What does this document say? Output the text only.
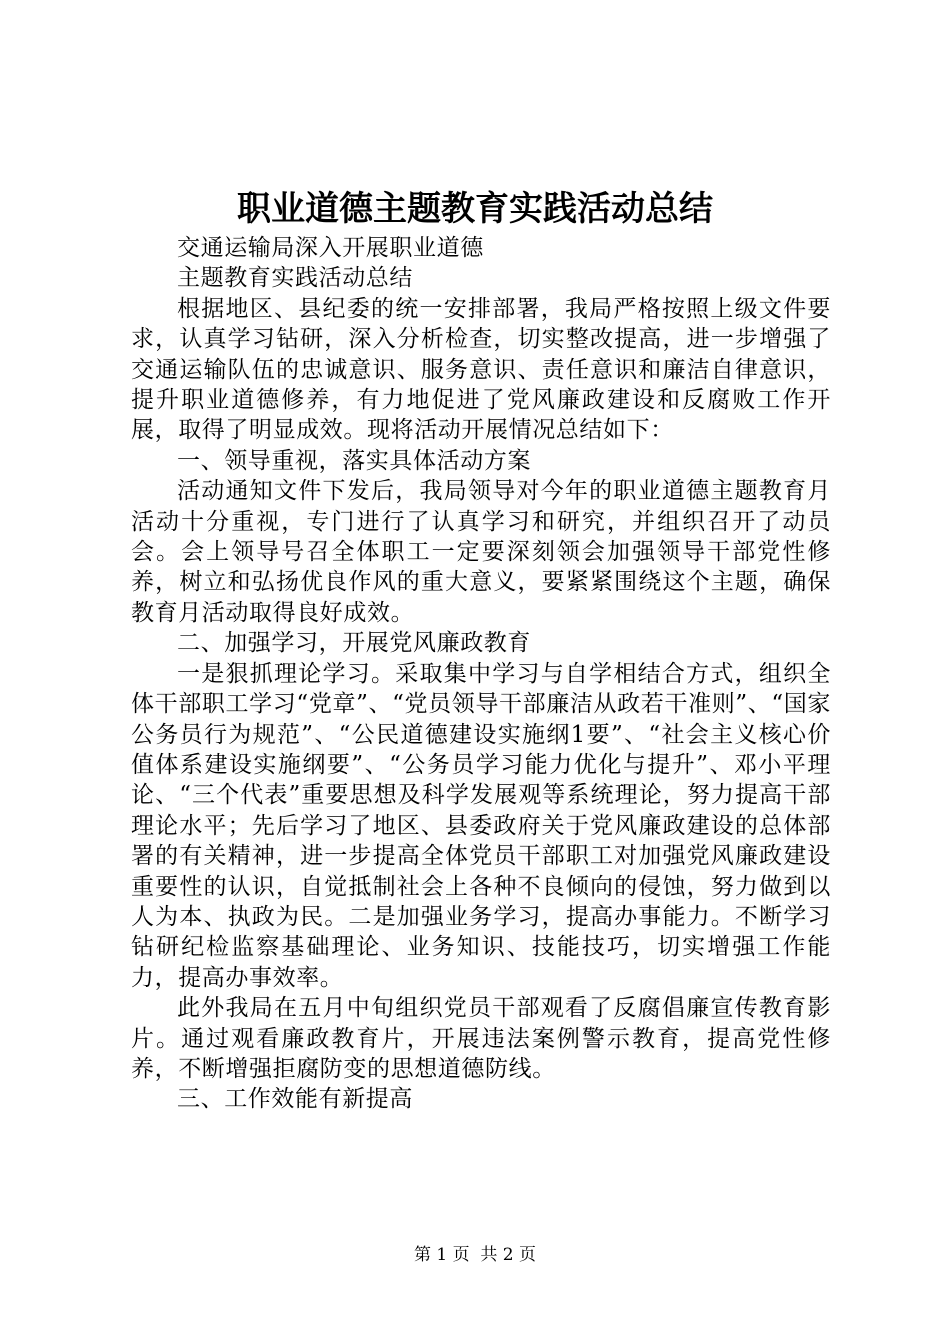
职业道德主题教育实践活动总结

交通运输局深入开展职业道德

主题教育实践活动总结

根据地区、县纪委的统一安排部署，我局严格按照上级文件要求，认真学习钻研，深入分析检查，切实整改提高，进一步增强了交通运输队伍的忠诚意识、服务意识、责任意识和廉洁自律意识，提升职业道德修养，有力地促进了党风廉政建设和反腐败工作开展，取得了明显成效。现将活动开展情况总结如下：

一、领导重视，落实具体活动方案

活动通知文件下发后，我局领导对今年的职业道德主题教育月活动十分重视，专门进行了认真学习和研究，并组织召开了动员会。会上领导号召全体职工一定要深刻领会加强领导干部党性修养，树立和弘扬优良作风的重大意义，要紧紧围绕这个主题，确保教育月活动取得良好成效。

二、加强学习，开展党风廉政教育

一是狠抓理论学习。采取集中学习与自学相结合方式，组织全体干部职工学习“党章”、“党员领导干部廉洁从政若干准则”、“国家公务员行为规范”、“公民道德建设实施纲1要”、“社会主义核心价值体系建设实施纲要”、“公务员学习能力优化与提升”、邓小平理论、“三个代表”重要思想及科学发展观等系统理论，努力提高干部理论水平；先后学习了地区、县委政府关于党风廉政建设的总体部署的有关精神，进一步提高全体党员干部职工对加强党风廉政建设重要性的认识，自觉抵制社会上各种不良倾向的侵蚀，努力做到以人为本、执政为民。二是加强业务学习，提高办事能力。不断学习钻研纪检监察基础理论、业务知识、技能技巧，切实增强工作能力，提高办事效率。

此外我局在五月中旬组织党员干部观看了反腐倡廉宣传教育影片。通过观看廉政教育片，开展违法案例警示教育，提高党性修养，不断增强拒腐防变的思想道德防线。

三、工作效能有新提高

第 1 页  共 2 页
